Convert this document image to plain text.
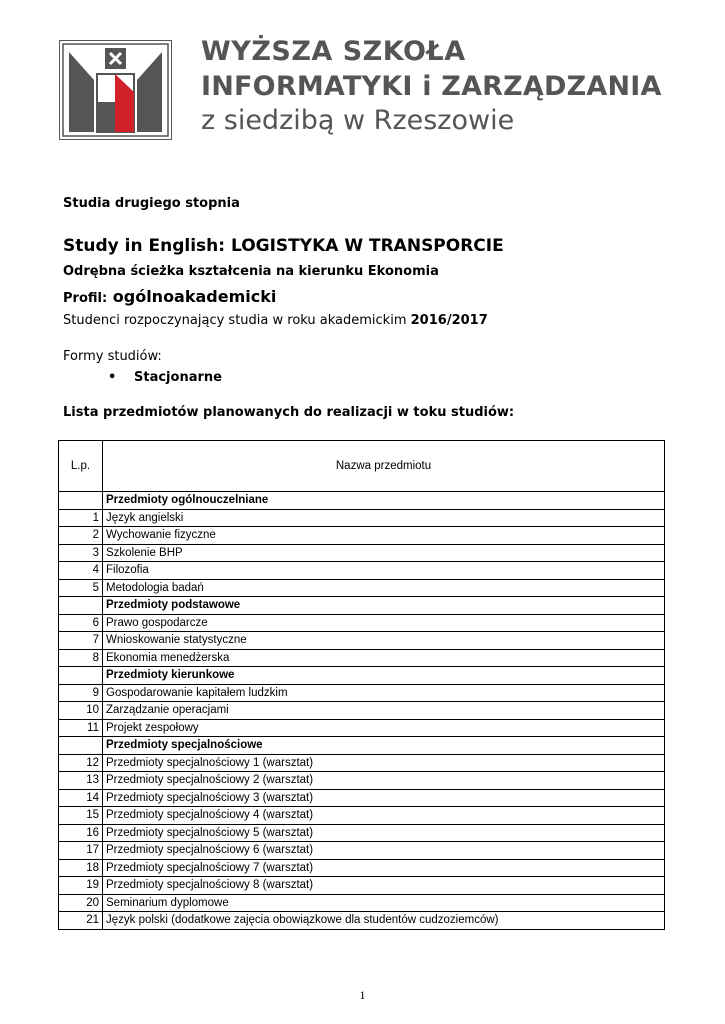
WYŻSZA SZKOŁA
INFORMATYKI i ZARZĄDZANIA
z siedzibą w Rzeszowie
Studia drugiego stopnia
Study in English: LOGISTYKA W TRANSPORCIE
Odrębna ścieżka kształcenia na kierunku Ekonomia
Profil: ogólnoakademicki
Studenci rozpoczynający studia w roku akademickim 2016/2017
Formy studiów:
• Stacjonarne
Lista przedmiotów planowanych do realizacji w toku studiów:
L.p.	Nazwa przedmiotu
	Przedmioty ogólnouczelniane
1	Język angielski
2	Wychowanie fizyczne
3	Szkolenie BHP
4	Filozofia
5	Metodologia badań
	Przedmioty podstawowe
6	Prawo gospodarcze
7	Wnioskowanie statystyczne
8	Ekonomia menedżerska
	Przedmioty kierunkowe
9	Gospodarowanie kapitałem ludzkim
10	Zarządzanie operacjami
11	Projekt zespołowy
	Przedmioty specjalnościowe
12	Przedmioty specjalnościowy 1 (warsztat)
13	Przedmioty specjalnościowy 2 (warsztat)
14	Przedmioty specjalnościowy 3 (warsztat)
15	Przedmioty specjalnościowy 4 (warsztat)
16	Przedmioty specjalnościowy 5 (warsztat)
17	Przedmioty specjalnościowy 6 (warsztat)
18	Przedmioty specjalnościowy 7 (warsztat)
19	Przedmioty specjalnościowy 8 (warsztat)
20	Seminarium dyplomowe
21	Język polski (dodatkowe zajęcia obowiązkowe dla studentów cudzoziemców)
1
